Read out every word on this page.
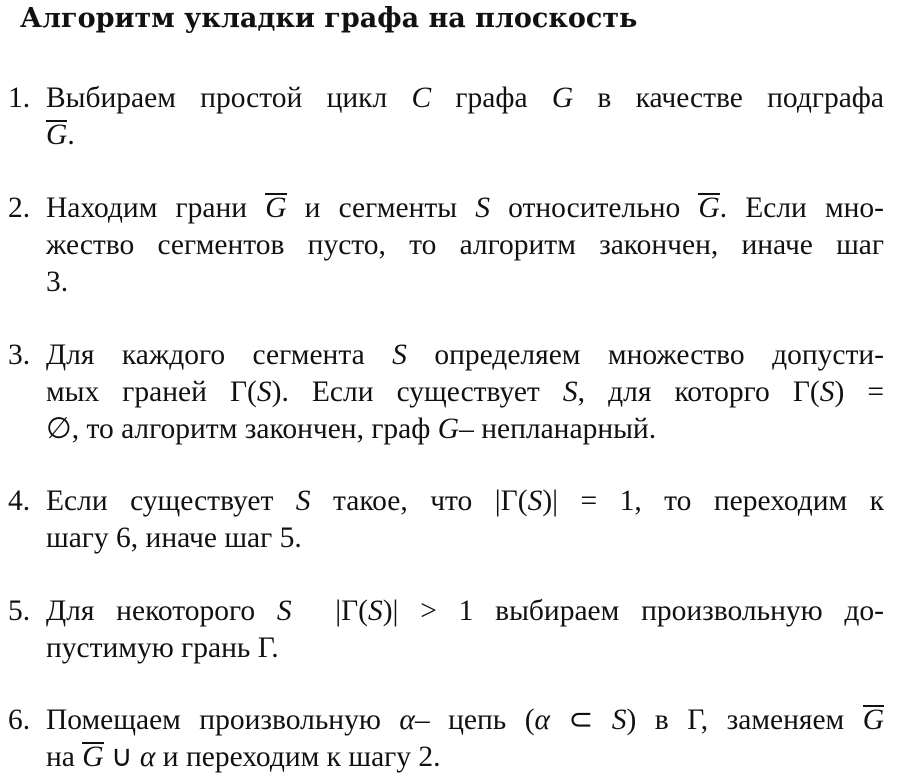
Алгоритм укладки графа на плоскость
1. Выбираем простой цикл C графа G в качестве подграфа
G.
2. Находим грани G и сегменты S относительно G. Если мно-
жество сегментов пусто, то алгоритм закончен, иначе шаг
3.
3. Для каждого сегмента S определяем множество допусти-
мых граней Γ(S). Если существует S, для которго Γ(S) =
∅, то алгоритм закончен, граф G– непланарный.
4. Если существует S такое, что |Γ(S)| = 1, то переходим к
шагу 6, иначе шаг 5.
5. Для некоторого S  |Γ(S)| > 1 выбираем произвольную до-
пустимую грань Γ.
6. Помещаем произвольную α– цепь (α ⊂ S) в Γ, заменяем G
на G ∪ α и переходим к шагу 2.
